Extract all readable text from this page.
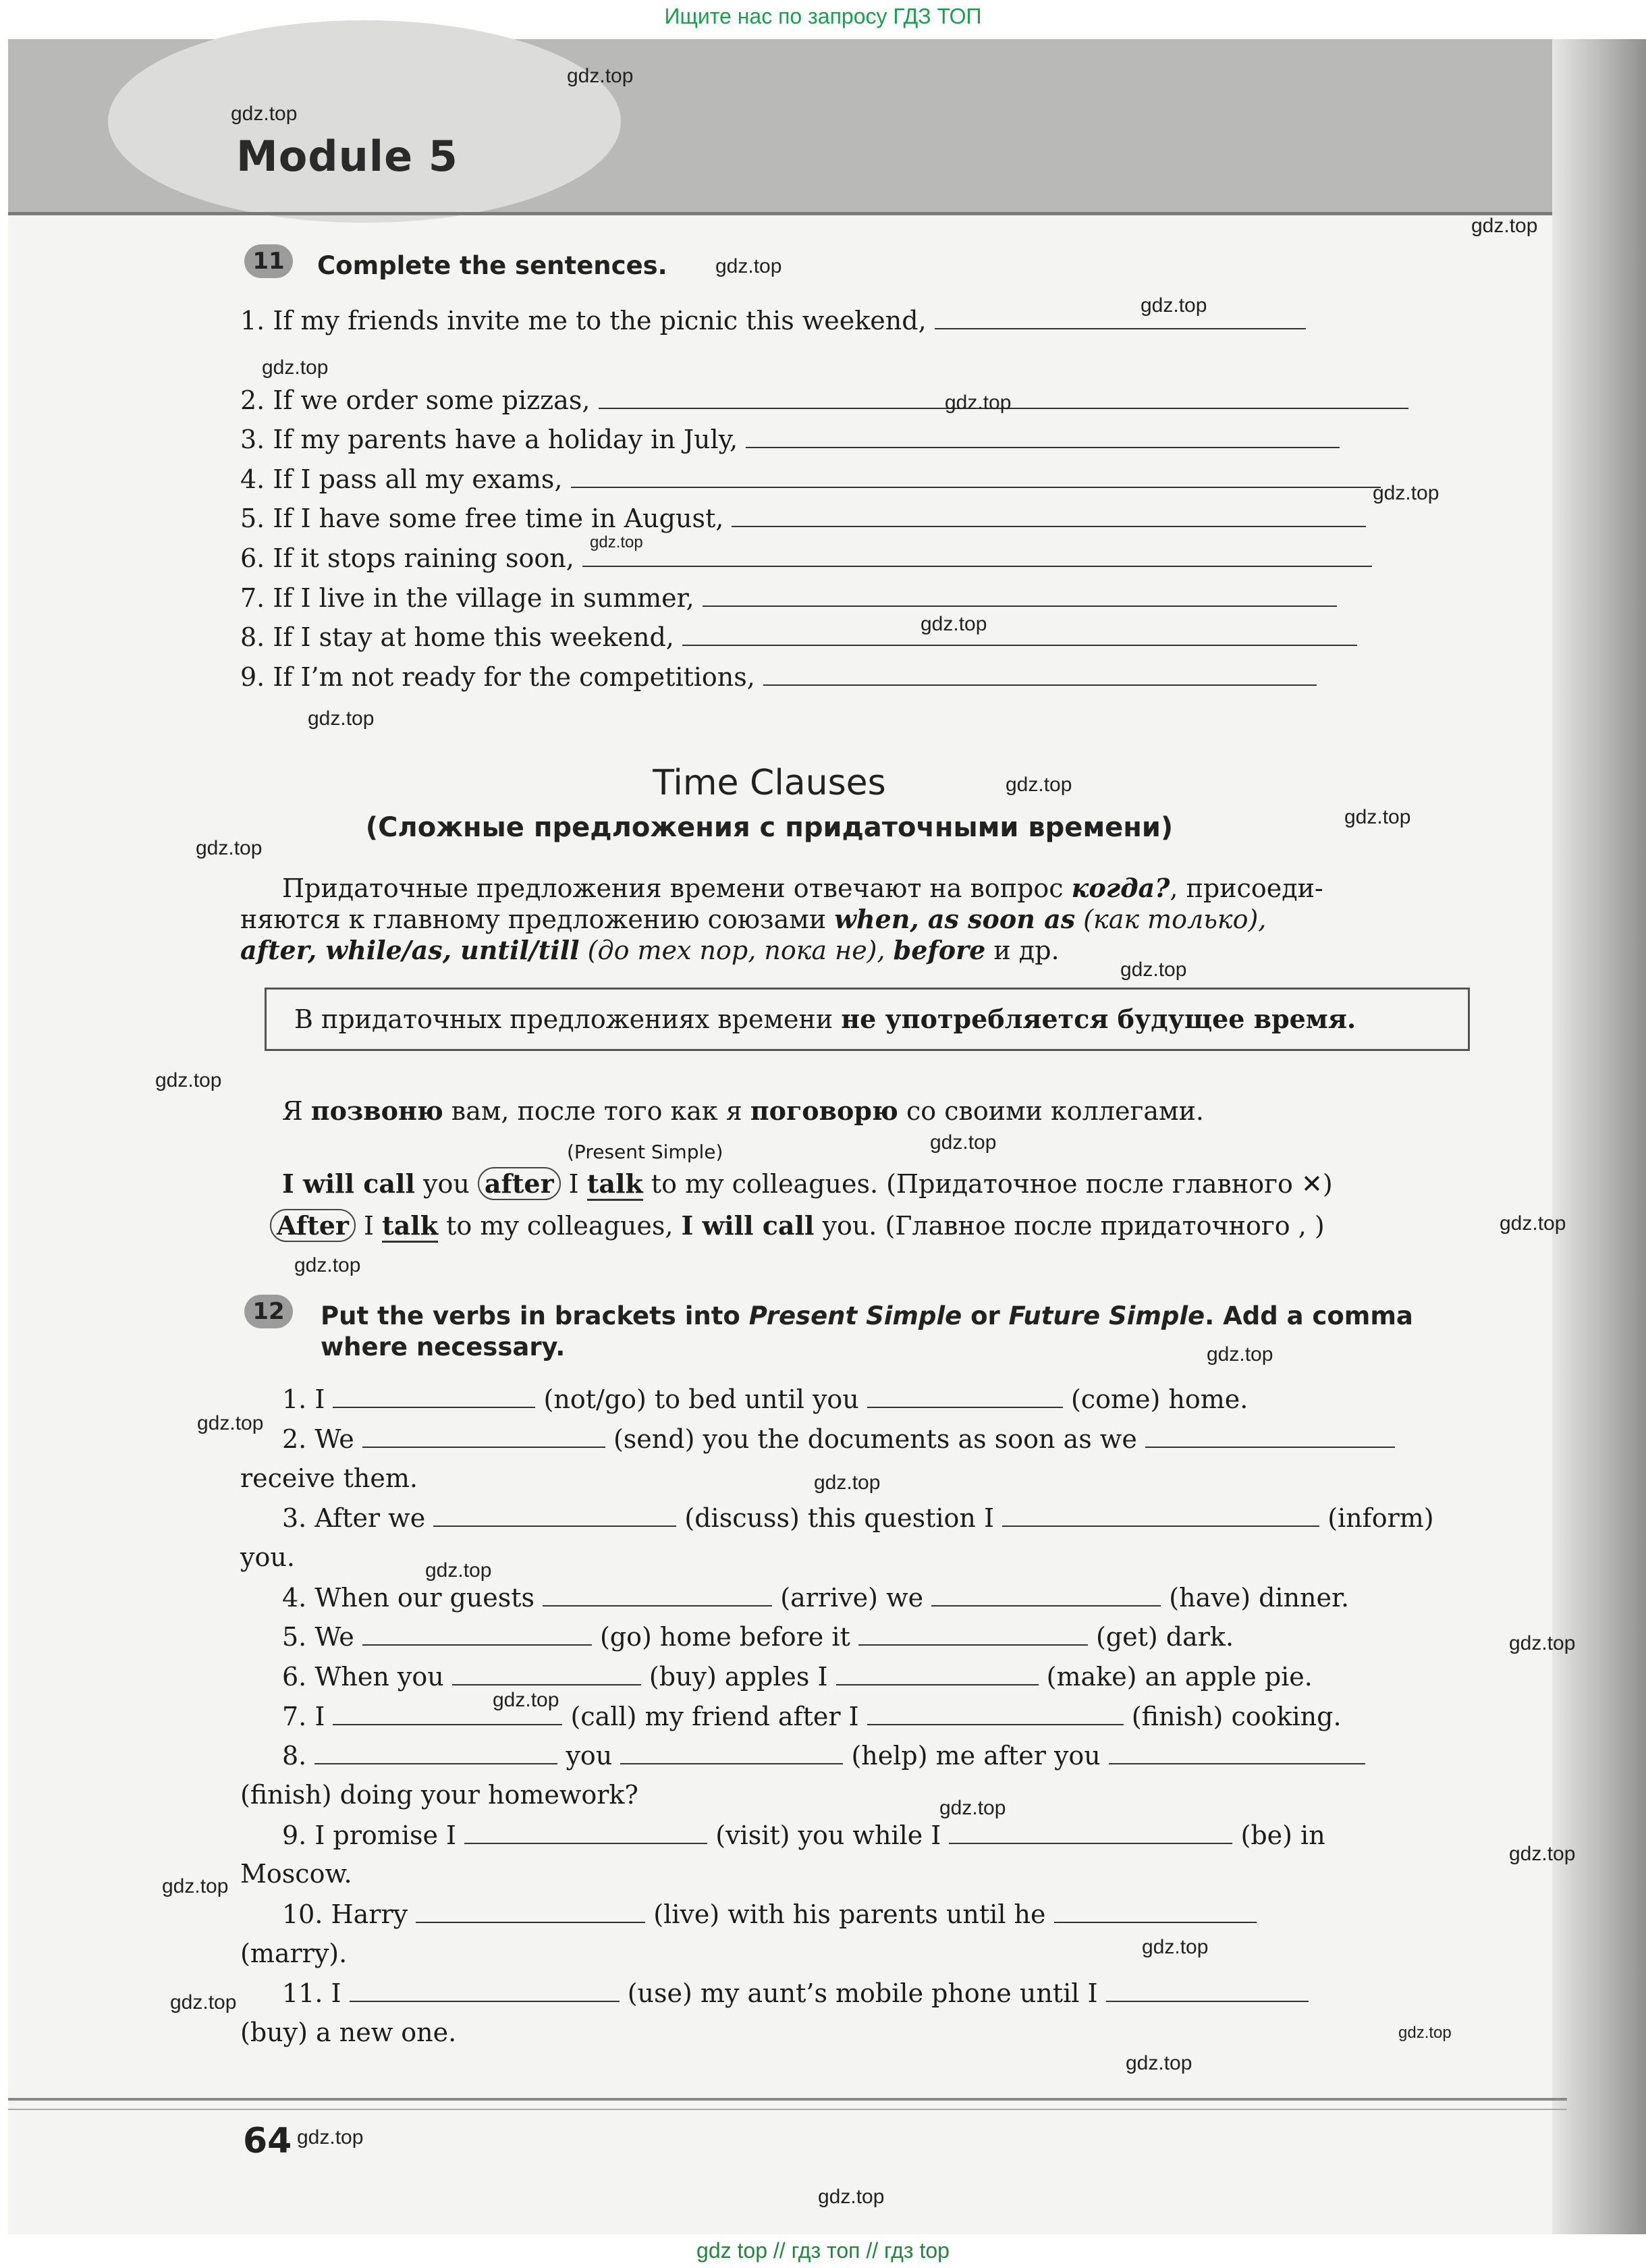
Ищите нас по запросу ГДЗ ТОП
Module 5
11	Complete the sentences.
1. If my friends invite me to the picnic this weekend,
2. If we order some pizzas,
3. If my parents have a holiday in July,
4. If I pass all my exams,
5. If I have some free time in August,
6. If it stops raining soon,
7. If I live in the village in summer,
8. If I stay at home this weekend,
9. If I’m not ready for the competitions,
Time Clauses
(Сложные предложения с придаточными времени)
Придаточные предложения времени отвечают на вопрос когда?, присоеди-
няются к главному предложению союзами when, as soon as (как только),
after, while/as, until/till (до тех пор, пока не), before и др.
В придаточных предложениях времени не употребляется будущее время.
Я позвоню вам, после того как я поговорю со своими коллегами.
(Present Simple)
I will call you after I talk to my colleagues. (Придаточное после главного ✕)
After I talk to my colleagues, I will call you. (Главное после придаточного , )
12	Put the verbs in brackets into Present Simple or Future Simple. Add a comma
where necessary.
1. I	(not/go) to bed until you	(come) home.
2. We	(send) you the documents as soon as we
receive them.
3. After we	(discuss) this question I	(inform)
you.
4. When our guests	(arrive) we	(have) dinner.
5. We	(go) home before it	(get) dark.
6. When you	(buy) apples I	(make) an apple pie.
7. I	(call) my friend after I	(finish) cooking.
8.	you	(help) me after you
(finish) doing your homework?
9. I promise I	(visit) you while I	(be) in
Moscow.
10. Harry	(live) with his parents until he
(marry).
11. I	(use) my aunt’s mobile phone until I
(buy) a new one.
64
gdz.top
gdz.top
gdz.top
gdz.top
gdz.top
gdz.top
gdz.top
gdz.top
gdz.top
gdz.top
gdz.top
gdz.top
gdz.top
gdz.top
gdz.top
gdz.top
gdz.top
gdz.top
gdz.top
gdz.top
gdz.top
gdz.top
gdz.top
gdz.top
gdz.top
gdz.top
gdz.top
gdz.top
gdz.top
gdz.top
gdz.top
gdz.top
gdz.top
gdz.top
gdz top // гдз топ // гдз top
